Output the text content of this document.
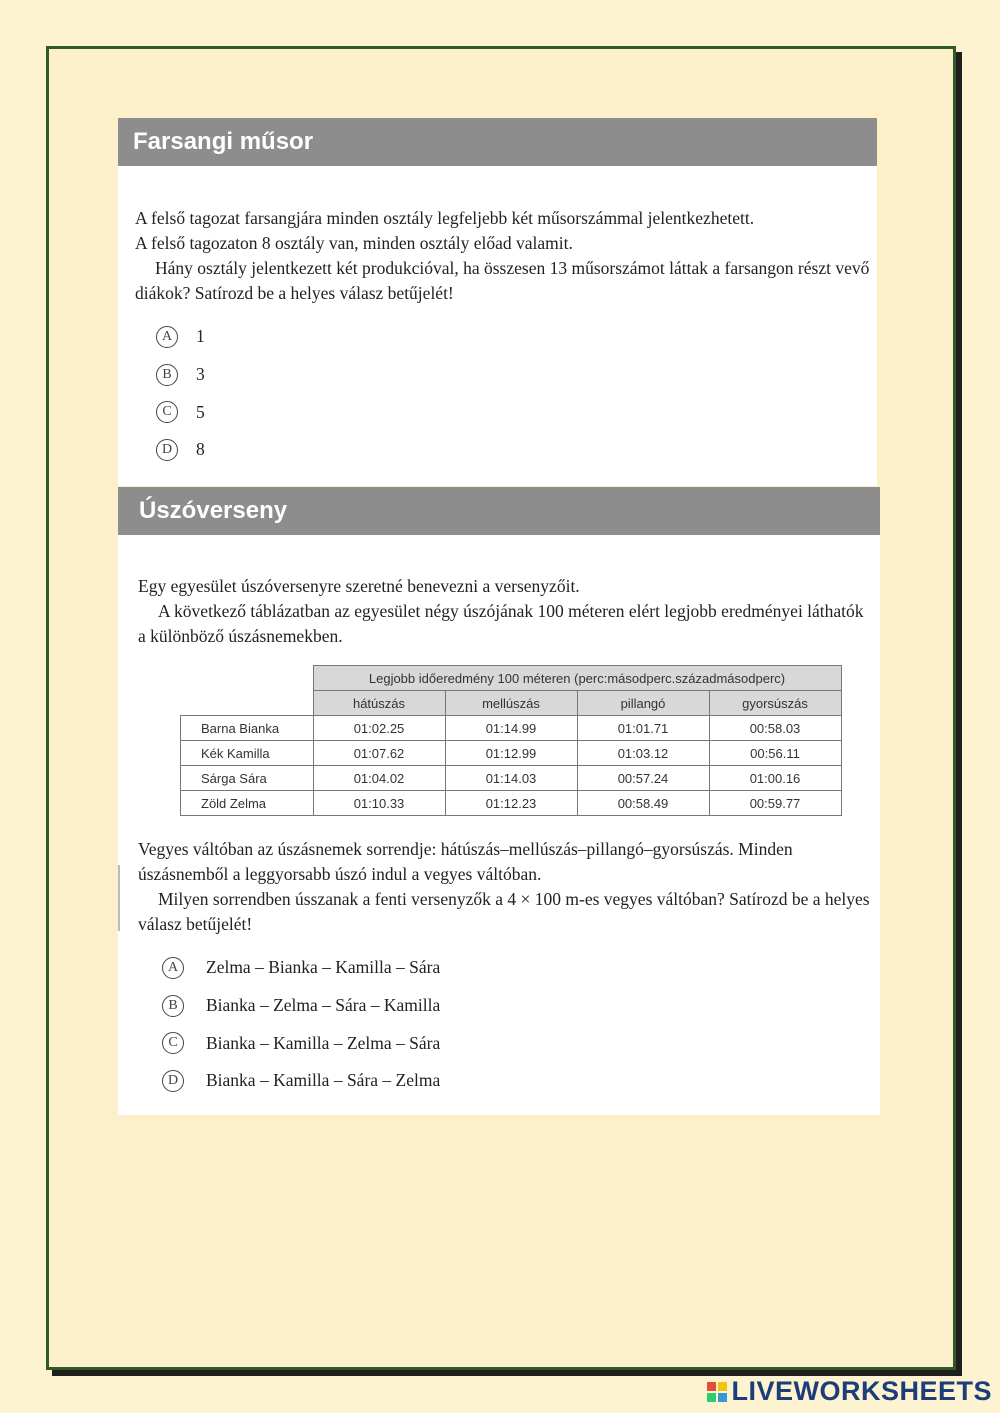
Farsangi műsor

A felső tagozat farsangjára minden osztály legfeljebb két műsorszámmal jelentkezhetett.

A felső tagozaton 8 osztály van, minden osztály előad valamit.

Hány osztály jelentkezett két produkcióval, ha összesen 13 műsorszámot láttak a farsangon részt vevő diákok? Satírozd be a helyes válasz betűjelét!

A	1
B	3
C	5
D	8
Úszóverseny

Egy egyesület úszóversenyre szeretné benevezni a versenyzőit.

A következő táblázatban az egyesület négy úszójának 100 méteren elért legjobb eredményei láthatók a különböző úszásnemekben.

	Legjobb időeredmény 100 méteren (perc:másodperc.századmásodperc)			
	hátúszás	mellúszás	pillangó	gyorsúszás
Barna Bianka	01:02.25	01:14.99	01:01.71	00:58.03
Kék Kamilla	01:07.62	01:12.99	01:03.12	00:56.11
Sárga Sára	01:04.02	01:14.03	00:57.24	01:00.16
Zöld Zelma	01:10.33	01:12.23	00:58.49	00:59.77

Vegyes váltóban az úszásnemek sorrendje: hátúszás–mellúszás–pillangó–gyorsúszás. Minden úszásnemből a leggyorsabb úszó indul a vegyes váltóban.

Milyen sorrendben ússzanak a fenti versenyzők a 4 × 100 m-es vegyes váltóban? Satírozd be a helyes válasz betűjelét!

A	Zelma – Bianka – Kamilla – Sára
B	Bianka – Zelma – Sára – Kamilla
C	Bianka – Kamilla – Zelma – Sára
D	Bianka – Kamilla – Sára – Zelma
LIVEWORKSHEETS
